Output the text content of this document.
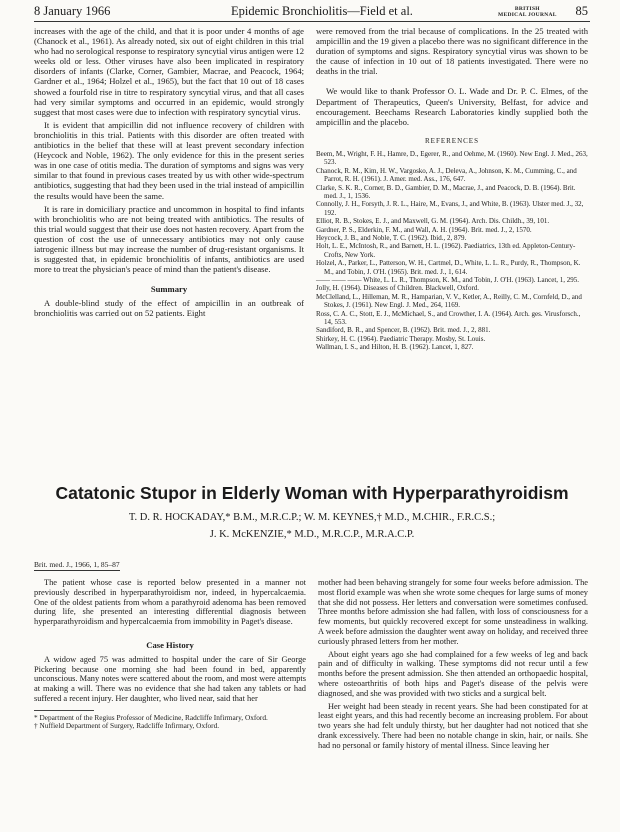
8 January 1966	Epidemic Bronchiolitis—Field et al.	BRITISH
MEDICAL JOURNAL 85

increases with the age of the child, and that it is poor under 4 months of age (Chanock et al., 1961). As already noted, six out of eight children in this trial who had no serological response to respiratory syncytial virus antigen were 12 weeks old or less. Other viruses have also been implicated in respiratory disorders of infants (Clarke, Corner, Gambier, Macrae, and Peacock, 1964; Gardner et al., 1964; Holzel et al., 1965), but the fact that 10 out of 18 cases showed a fourfold rise in titre to respiratory syncytial virus, and that all cases had very similar symptoms and occurred in an epidemic, would strongly suggest that most cases were due to infection with respiratory syncytial virus.

It is evident that ampicillin did not influence recovery of children with bronchiolitis in this trial. Patients with this disorder are often treated with antibiotics in the belief that these will at least prevent secondary infection (Heycock and Noble, 1962). The only evidence for this in the present series was in one case of otitis media. The duration of symptoms and signs was very similar to that found in previous cases treated by us with other wide-spectrum antibiotics, suggesting that had they been used in the trial instead of ampicillin the results would have been the same.

It is rare in domiciliary practice and uncommon in hospital to find infants with bronchiolitis who are not being treated with antibiotics. The results of this trial would suggest that their use does not hasten recovery. Apart from the question of cost the use of unnecessary antibiotics may not only cause iatrogenic illness but may increase the number of drug-resistant organisms. It is suggested that, in epidemic bronchiolitis of infants, antibiotics are used more to treat the physician's peace of mind than the patient's disease.

Summary

A double-blind study of the effect of ampicillin in an outbreak of bronchiolitis was carried out on 52 patients. Eight

were removed from the trial because of complications. In the 25 treated with ampicillin and the 19 given a placebo there was no significant difference in the duration of symptoms and signs. Respiratory syncytial virus was shown to be the cause of infection in 10 out of 18 patients investigated. There were no deaths in the trial.

We would like to thank Professor O. L. Wade and Dr. P. C. Elmes, of the Department of Therapeutics, Queen's University, Belfast, for advice and encouragement. Beechams Research Laboratories kindly supplied both the ampicillin and the placebo.

REFERENCES
Beem, M., Wright, F. H., Hamre, D., Egerer, R., and Oehme, M. (1960). New Engl. J. Med., 263, 523.
Chanock, R. M., Kim, H. W., Vargosko, A. J., Deleva, A., Johnson, K. M., Cumming, C., and Parrot, R. H. (1961). J. Amer. med. Ass., 176, 647.
Clarke, S. K. R., Corner, B. D., Gambier, D. M., Macrae, J., and Peacock, D. B. (1964). Brit. med. J., 1, 1536.
Connolly, J. H., Forsyth, J. R. L., Haire, M., Evans, J., and White, B. (1963). Ulster med. J., 32, 192.
Elliot, R. B., Stokes, E. J., and Maxwell, G. M. (1964). Arch. Dis. Childh., 39, 101.
Gardner, P. S., Elderkin, F. M., and Wall, A. H. (1964). Brit. med. J., 2, 1570.
Heycock, J. B., and Noble, T. C. (1962). Ibid., 2, 879.
Holt, L. E., McIntosh, R., and Barnett, H. L. (1962). Paediatrics, 13th ed. Appleton-Century-Crofts, New York.
Holzel, A., Parker, L., Patterson, W. H., Cartmel, D., White, L. L. R., Purdy, R., Thompson, K. M., and Tobin, J. O'H. (1965). Brit. med. J., 1, 614.
—— —— —— White, L. L. R., Thompson, K. M., and Tobin, J. O'H. (1963). Lancet, 1, 295.
Jolly, H. (1964). Diseases of Children. Blackwell, Oxford.
McClelland, L., Hilleman, M. R., Hamparian, V. V., Ketler, A., Reilly, C. M., Cornfeld, D., and Stokes, J. (1961). New Engl. J. Med., 264, 1169.
Ross, C. A. C., Stott, E. J., McMichael, S., and Crowther, I. A. (1964). Arch. ges. Virusforsch., 14, 553.
Sandiford, B. R., and Spencer, B. (1962). Brit. med. J., 2, 881.
Shirkey, H. C. (1964). Paediatric Therapy. Mosby, St. Louis.
Wallman, I. S., and Hilton, H. B. (1962). Lancet, 1, 827.
Catatonic Stupor in Elderly Woman with Hyperparathyroidism
T. D. R. HOCKADAY,* B.M., M.R.C.P.; W. M. KEYNES,† M.D., M.CHIR., F.R.C.S.;
J. K. McKENZIE,* M.D., M.R.C.P., M.R.A.C.P.
Brit. med. J., 1966, 1, 85–87

The patient whose case is reported below presented in a manner not previously described in hyperparathyroidism nor, indeed, in hypercalcaemia. One of the oldest patients from whom a parathyroid adenoma has been removed during life, she presented an interesting differential diagnosis between hyperparathyroidism and hypercalcaemia from immobility in Paget's disease.

Case History

A widow aged 75 was admitted to hospital under the care of Sir George Pickering because one morning she had been found in bed, apparently unconscious. Many notes were scattered about the room, and most were attempts at making a will. There was no evidence that she had taken any tablets or had suffered a recent injury. Her daughter, who lived near, said that her

* Department of the Regius Professor of Medicine, Radcliffe Infirmary, Oxford.
† Nuffield Department of Surgery, Radcliffe Infirmary, Oxford.

mother had been behaving strangely for some four weeks before admission. The most florid example was when she wrote some cheques for large sums of money that she did not possess. Her letters and conversation were sometimes confused. Three months before admission she had fallen, with loss of consciousness for a few moments, but quickly recovered except for some unsteadiness in walking. A week before admission the daughter went away on holiday, and received three curiously phrased letters from her mother.

About eight years ago she had complained for a few weeks of leg and back pain and of difficulty in walking. These symptoms did not recur until a few months before the present admission. She then attended an orthopaedic hospital, where osteoarthritis of both hips and Paget's disease of the pelvis were diagnosed, and she was provided with two sticks and a surgical belt.

Her weight had been steady in recent years. She had been constipated for at least eight years, and this had recently become an increasing problem. For about two years she had felt unduly thirsty, but her daughter had not noticed that she drank excessively. There had been no notable change in skin, hair, or nails. She had no personal or family history of mental illness. Since leaving her
